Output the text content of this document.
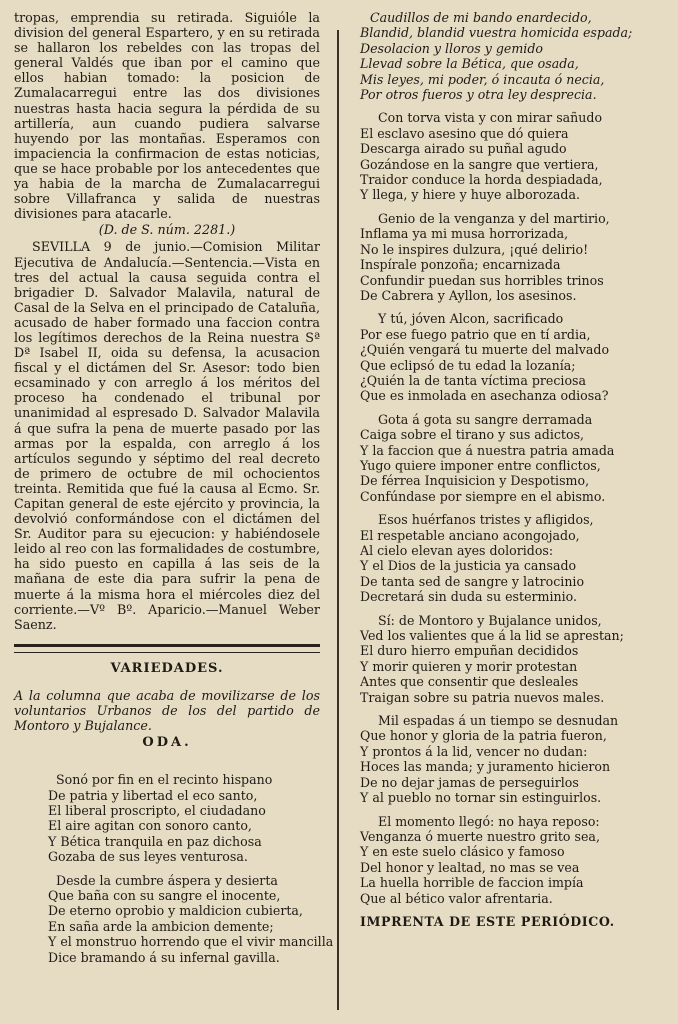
tropas, emprendia su retirada. Siguióle la division del general Espartero, y en su retirada se hallaron los rebeldes con las tropas del general Valdés que iban por el camino que ellos habian tomado: la posicion de Zumalacarregui entre las dos divisiones nuestras hasta hacia segura la pérdida de su artillería, aun cuando pudiera salvarse huyendo por las montañas. Esperamos con impaciencia la confirmacion de estas noticias, que se hace probable por los antecedentes que ya habia de la marcha de Zumalacarregui sobre Villafranca y salida de nuestras divisiones para atacarle.

(D. de S. núm. 2281.)

SEVILLA 9 de junio.—Comision Militar Ejecutiva de Andalucía.—Sentencia.—Vista en tres del actual la causa seguida contra el brigadier D. Salvador Malavila, natural de Casal de la Selva en el principado de Cataluña, acusado de haber formado una faccion contra los legítimos derechos de la Reina nuestra Sª Dª Isabel II, oida su defensa, la acusacion fiscal y el dictámen del Sr. Asesor: todo bien ecsaminado y con arreglo á los méritos del proceso ha condenado el tribunal por unanimidad al espresado D. Salvador Malavila á que sufra la pena de muerte pasado por las armas por la espalda, con arreglo á los artículos segundo y séptimo del real decreto de primero de octubre de mil ochocientos treinta. Remitida que fué la causa al Ecmo. Sr. Capitan general de este ejército y provincia, la devolvió conformándose con el dictámen del Sr. Auditor para su ejecucion: y habiéndosele leido al reo con las formalidades de costumbre, ha sido puesto en capilla á las seis de la mañana de este dia para sufrir la pena de muerte á la misma hora el miércoles diez del corriente.—Vº Bº. Aparicio.—Manuel Weber Saenz.

VARIEDADES.

A la columna que acaba de movilizarse de los voluntarios Urbanos de los del partido de Montoro y Bujalance.

ODA.
Sonó por fin en el recinto hispano
De patria y libertad el eco santo,
El liberal proscripto, el ciudadano
El aire agitan con sonoro canto,
Y Bética tranquila en paz dichosa
Gozaba de sus leyes venturosa.
Desde la cumbre áspera y desierta
Que baña con su sangre el inocente,
De eterno oprobio y maldicion cubierta,
En saña arde la ambicion demente;
Y el monstruo horrendo que el vivir mancilla
Dice bramando á su infernal gavilla.
Caudillos de mi bando enardecido,
Blandid, blandid vuestra homicida espada;
Desolacion y lloros y gemido
Llevad sobre la Bética, que osada,
Mis leyes, mi poder, ó incauta ó necia,
Por otros fueros y otra ley desprecia.
Con torva vista y con mirar sañudo
El esclavo asesino que dó quiera
Descarga airado su puñal agudo
Gozándose en la sangre que vertiera,
Traidor conduce la horda despiadada,
Y llega, y hiere y huye alborozada.
Genio de la venganza y del martirio,
Inflama ya mi musa horrorizada,
No le inspires dulzura, ¡qué delirio!
Inspírale ponzoña; encarnizada
Confundir puedan sus horribles trinos
De Cabrera y Ayllon, los asesinos.
Y tú, jóven Alcon, sacrificado
Por ese fuego patrio que en tí ardia,
¿Quién vengará tu muerte del malvado
Que eclipsó de tu edad la lozanía;
¿Quién la de tanta víctima preciosa
Que es inmolada en asechanza odiosa?
Gota á gota su sangre derramada
Caiga sobre el tirano y sus adictos,
Y la faccion que á nuestra patria amada
Yugo quiere imponer entre conflictos,
De férrea Inquisicion y Despotismo,
Confúndase por siempre en el abismo.
Esos huérfanos tristes y afligidos,
El respetable anciano acongojado,
Al cielo elevan ayes doloridos:
Y el Dios de la justicia ya cansado
De tanta sed de sangre y latrocinio
Decretará sin duda su esterminio.
Sí: de Montoro y Bujalance unidos,
Ved los valientes que á la lid se aprestan;
El duro hierro empuñan decididos
Y morir quieren y morir protestan
Antes que consentir que desleales
Traigan sobre su patria nuevos males.
Mil espadas á un tiempo se desnudan
Que honor y gloria de la patria fueron,
Y prontos á la lid, vencer no dudan:
Hoces las manda; y juramento hicieron
De no dejar jamas de perseguirlos
Y al pueblo no tornar sin estinguirlos.
El momento llegó: no haya reposo:
Venganza ó muerte nuestro grito sea,
Y en este suelo clásico y famoso
Del honor y lealtad, no mas se vea
La huella horrible de faccion impía
Que al bético valor afrentaria.
IMPRENTA DE ESTE PERIÓDICO.
